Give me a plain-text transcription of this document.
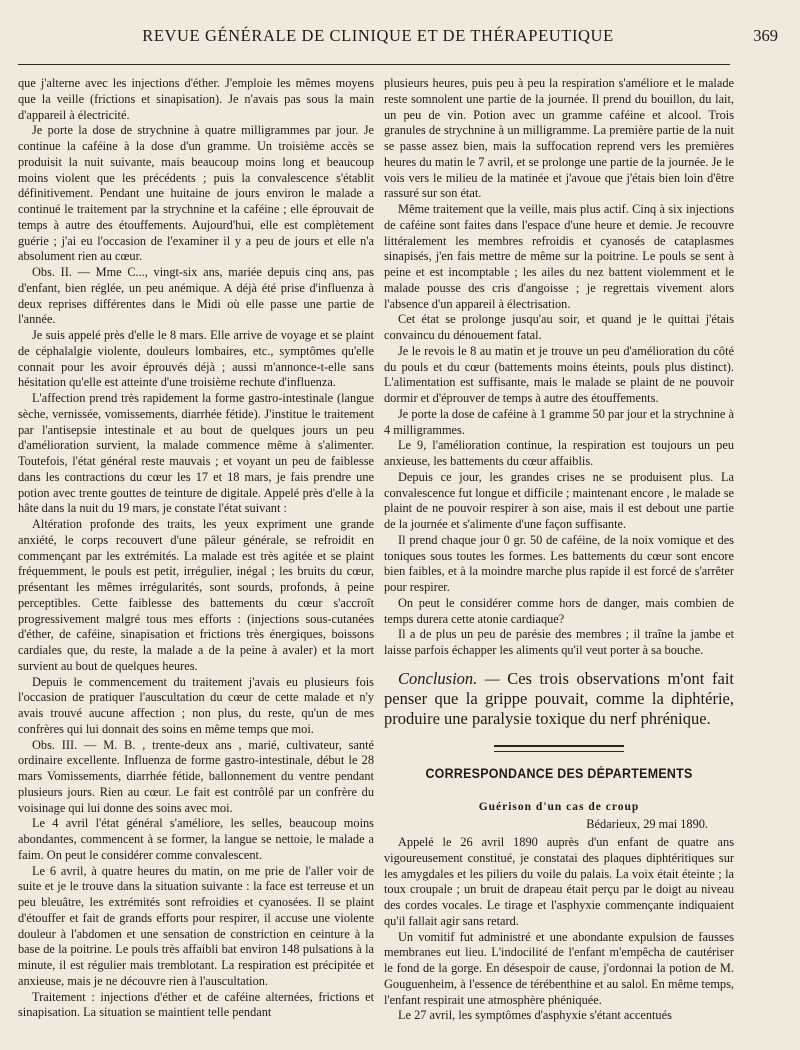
REVUE GÉNÉRALE DE CLINIQUE ET DE THÉRAPEUTIQUE	369

que j'alterne avec les injections d'éther. J'emploie les mêmes moyens que la veille (frictions et sinapisation). Je n'avais pas sous la main d'appareil à électricité.

Je porte la dose de strychnine à quatre milligrammes par jour. Je continue la caféine à la dose d'un gramme. Un troisième accès se produisit la nuit suivante, mais beaucoup moins long et beaucoup moins violent que les précédents ; puis la convalescence s'établit définitivement. Pendant une huitaine de jours environ le malade a continué le traitement par la strychnine et la caféine ; elle éprouvait de temps à autre des étouffements. Aujourd'hui, elle est complètement guérie ; j'ai eu l'occasion de l'examiner il y a peu de jours et elle n'a absolument rien au cœur.

Obs. II. — Mme C..., vingt-six ans, mariée depuis cinq ans, pas d'enfant, bien réglée, un peu anémique. A déjà été prise d'influenza à deux reprises différentes dans le Midi où elle passe une partie de l'année.

Je suis appelé près d'elle le 8 mars. Elle arrive de voyage et se plaint de céphalalgie violente, douleurs lombaires, etc., symptômes qu'elle connait pour les avoir éprouvés déjà ; aussi m'annonce-t-elle sans hésitation qu'elle est atteinte d'une troisième rechute d'influenza.

L'affection prend très rapidement la forme gastro-intestinale (langue sèche, vernissée, vomissements, diarrhée fétide). J'institue le traitement par l'antisepsie intestinale et au bout de quelques jours un peu d'amélioration survient, la malade commence même à s'alimenter. Toutefois, l'état général reste mauvais ; et voyant un peu de faiblesse dans les contractions du cœur les 17 et 18 mars, je fais prendre une potion avec trente gouttes de teinture de digitale. Appelé près d'elle à la hâte dans la nuit du 19 mars, je constate l'état suivant :

Altération profonde des traits, les yeux expriment une grande anxiété, le corps recouvert d'une pâleur générale, se refroidit en commençant par les extrémités. La malade est très agitée et se plaint fréquemment, le pouls est petit, irrégulier, inégal ; les bruits du cœur, présentant les mêmes irrégularités, sont sourds, profonds, à peine perceptibles. Cette faiblesse des battements du cœur s'accroît progressivement malgré tous mes efforts : (injections sous-cutanées d'éther, de caféine, sinapisation et frictions très énergiques, boissons cardiales que, du reste, la malade a de la peine à avaler) et la mort survient au bout de quelques heures.

Depuis le commencement du traitement j'avais eu plusieurs fois l'occasion de pratiquer l'auscultation du cœur de cette malade et n'y avais trouvé aucune affection ; non plus, du reste, qu'un de mes confrères qui lui donnait des soins en même temps que moi.

Obs. III. — M. B. , trente-deux ans , marié, cultivateur, santé ordinaire excellente. Influenza de forme gastro-intestinale, début le 28 mars Vomissements, diarrhée fétide, ballonnement du ventre pendant plusieurs jours. Rien au cœur. Le fait est contrôlé par un confrère du voisinage qui lui donne des soins avec moi.

Le 4 avril l'état général s'améliore, les selles, beaucoup moins abondantes, commencent à se former, la langue se nettoie, le malade a faim. On peut le considérer comme convalescent.

Le 6 avril, à quatre heures du matin, on me prie de l'aller voir de suite et je le trouve dans la situation suivante : la face est terreuse et un peu bleuâtre, les extrémités sont refroidies et cyanosées. Il se plaint d'étouffer et fait de grands efforts pour respirer, il accuse une violente douleur à l'abdomen et une sensation de constriction en ceinture à la base de la poitrine. Le pouls très affaibli bat environ 148 pulsations à la minute, il est régulier mais tremblotant. La respiration est précipitée et anxieuse, mais je ne découvre rien à l'auscultation.

Traitement : injections d'éther et de caféine alternées, frictions et sinapisation. La situation se maintient telle pendant

plusieurs heures, puis peu à peu la respiration s'améliore et le malade reste somnolent une partie de la journée. Il prend du bouillon, du lait, un peu de vin. Potion avec un gramme caféine et alcool. Trois granules de strychnine à un milligramme. La première partie de la nuit se passe assez bien, mais la suffocation reprend vers les premières heures du matin le 7 avril, et se prolonge une partie de la journée. Je le vois vers le milieu de la matinée et j'avoue que j'étais bien loin d'être rassuré sur son état.

Même traitement que la veille, mais plus actif. Cinq à six injections de caféine sont faites dans l'espace d'une heure et demie. Je recouvre littéralement les membres refroidis et cyanosés de cataplasmes sinapisés, j'en fais mettre de même sur la poitrine. Le pouls se sent à peine et est incomptable ; les ailes du nez battent violemment et le malade pousse des cris d'angoisse ; je regrettais vivement alors l'absence d'un appareil à électrisation.

Cet état se prolonge jusqu'au soir, et quand je le quittai j'étais convaincu du dénouement fatal.

Je le revois le 8 au matin et je trouve un peu d'amélioration du côté du pouls et du cœur (battements moins éteints, pouls plus distinct). L'alimentation est suffisante, mais le malade se plaint de ne pouvoir dormir et d'éprouver de temps à autre des étouffements.

Je porte la dose de caféine à 1 gramme 50 par jour et la strychnine à 4 milligrammes.

Le 9, l'amélioration continue, la respiration est toujours un peu anxieuse, les battements du cœur affaiblis.

Depuis ce jour, les grandes crises ne se produisent plus. La convalescence fut longue et difficile ; maintenant encore , le malade se plaint de ne pouvoir respirer à son aise, mais il est debout une partie de la journée et s'alimente d'une façon suffisante.

Il prend chaque jour 0 gr. 50 de caféine, de la noix vomique et des toniques sous toutes les formes. Les battements du cœur sont encore bien faibles, et à la moindre marche plus rapide il est forcé de s'arrêter pour respirer.

On peut le considérer comme hors de danger, mais combien de temps durera cette atonie cardiaque?

Il a de plus un peu de parésie des membres ; il traîne la jambe et laisse parfois échapper les aliments qu'il veut porter à sa bouche.

Conclusion. — Ces trois observations m'ont fait penser que la grippe pouvait, comme la diphtérie, produire une paralysie toxique du nerf phrénique.

CORRESPONDANCE DES DÉPARTEMENTS
Guérison d'un cas de croup
Bédarieux, 29 mai 1890.

Appelé le 26 avril 1890 auprès d'un enfant de quatre ans vigoureusement constitué, je constatai des plaques diphtéritiques sur les amygdales et les piliers du voile du palais. La voix était éteinte ; la toux croupale ; un bruit de drapeau était perçu par le doigt au niveau des cordes vocales. Le tirage et l'asphyxie commençante indiquaient qu'il fallait agir sans retard.

Un vomitif fut administré et une abondante expulsion de fausses membranes eut lieu. L'indocilité de l'enfant m'empêcha de cautériser le fond de la gorge. En désespoir de cause, j'ordonnai la potion de M. Gouguenheim, à l'essence de térébenthine et au salol. En même temps, l'enfant respirait une atmosphère phéniquée.

Le 27 avril, les symptômes d'asphyxie s'étant accentués
